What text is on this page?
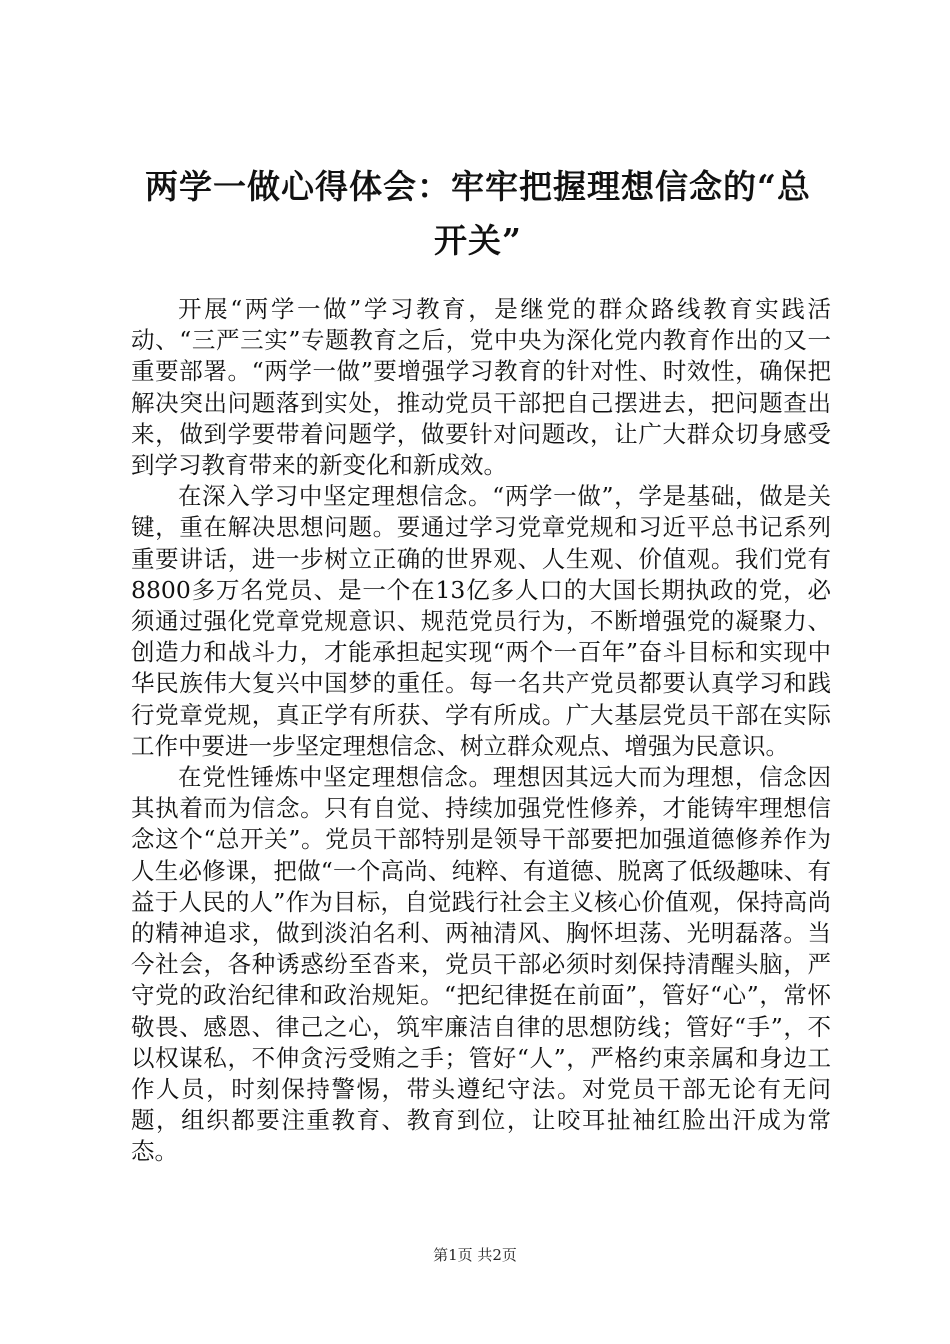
两学一做心得体会：牢牢把握理想信念的“总
开关”

开展“两学一做”学习教育，是继党的群众路线教育实践活动、“三严三实”专题教育之后，党中央为深化党内教育作出的又一重要部署。“两学一做”要增强学习教育的针对性、时效性，确保把解决突出问题落到实处，推动党员干部把自己摆进去，把问题查出来，做到学要带着问题学，做要针对问题改，让广大群众切身感受到学习教育带来的新变化和新成效。

在深入学习中坚定理想信念。“两学一做”，学是基础，做是关键，重在解决思想问题。要通过学习党章党规和习近平总书记系列重要讲话，进一步树立正确的世界观、人生观、价值观。我们党有8800多万名党员、是一个在13亿多人口的大国长期执政的党，必须通过强化党章党规意识、规范党员行为，不断增强党的凝聚力、创造力和战斗力，才能承担起实现“两个一百年”奋斗目标和实现中华民族伟大复兴中国梦的重任。每一名共产党员都要认真学习和践行党章党规，真正学有所获、学有所成。广大基层党员干部在实际工作中要进一步坚定理想信念、树立群众观点、增强为民意识。

在党性锤炼中坚定理想信念。理想因其远大而为理想，信念因其执着而为信念。只有自觉、持续加强党性修养，才能铸牢理想信念这个“总开关”。党员干部特别是领导干部要把加强道德修养作为人生必修课，把做“一个高尚、纯粹、有道德、脱离了低级趣味、有益于人民的人”作为目标，自觉践行社会主义核心价值观，保持高尚的精神追求，做到淡泊名利、两袖清风、胸怀坦荡、光明磊落。当今社会，各种诱惑纷至沓来，党员干部必须时刻保持清醒头脑，严守党的政治纪律和政治规矩。“把纪律挺在前面”，管好“心”，常怀敬畏、感恩、律己之心，筑牢廉洁自律的思想防线；管好“手”，不以权谋私，不伸贪污受贿之手；管好“人”，严格约束亲属和身边工作人员，时刻保持警惕，带头遵纪守法。对党员干部无论有无问题，组织都要注重教育、教育到位，让咬耳扯袖红脸出汗成为常态。

第1页 共2页
